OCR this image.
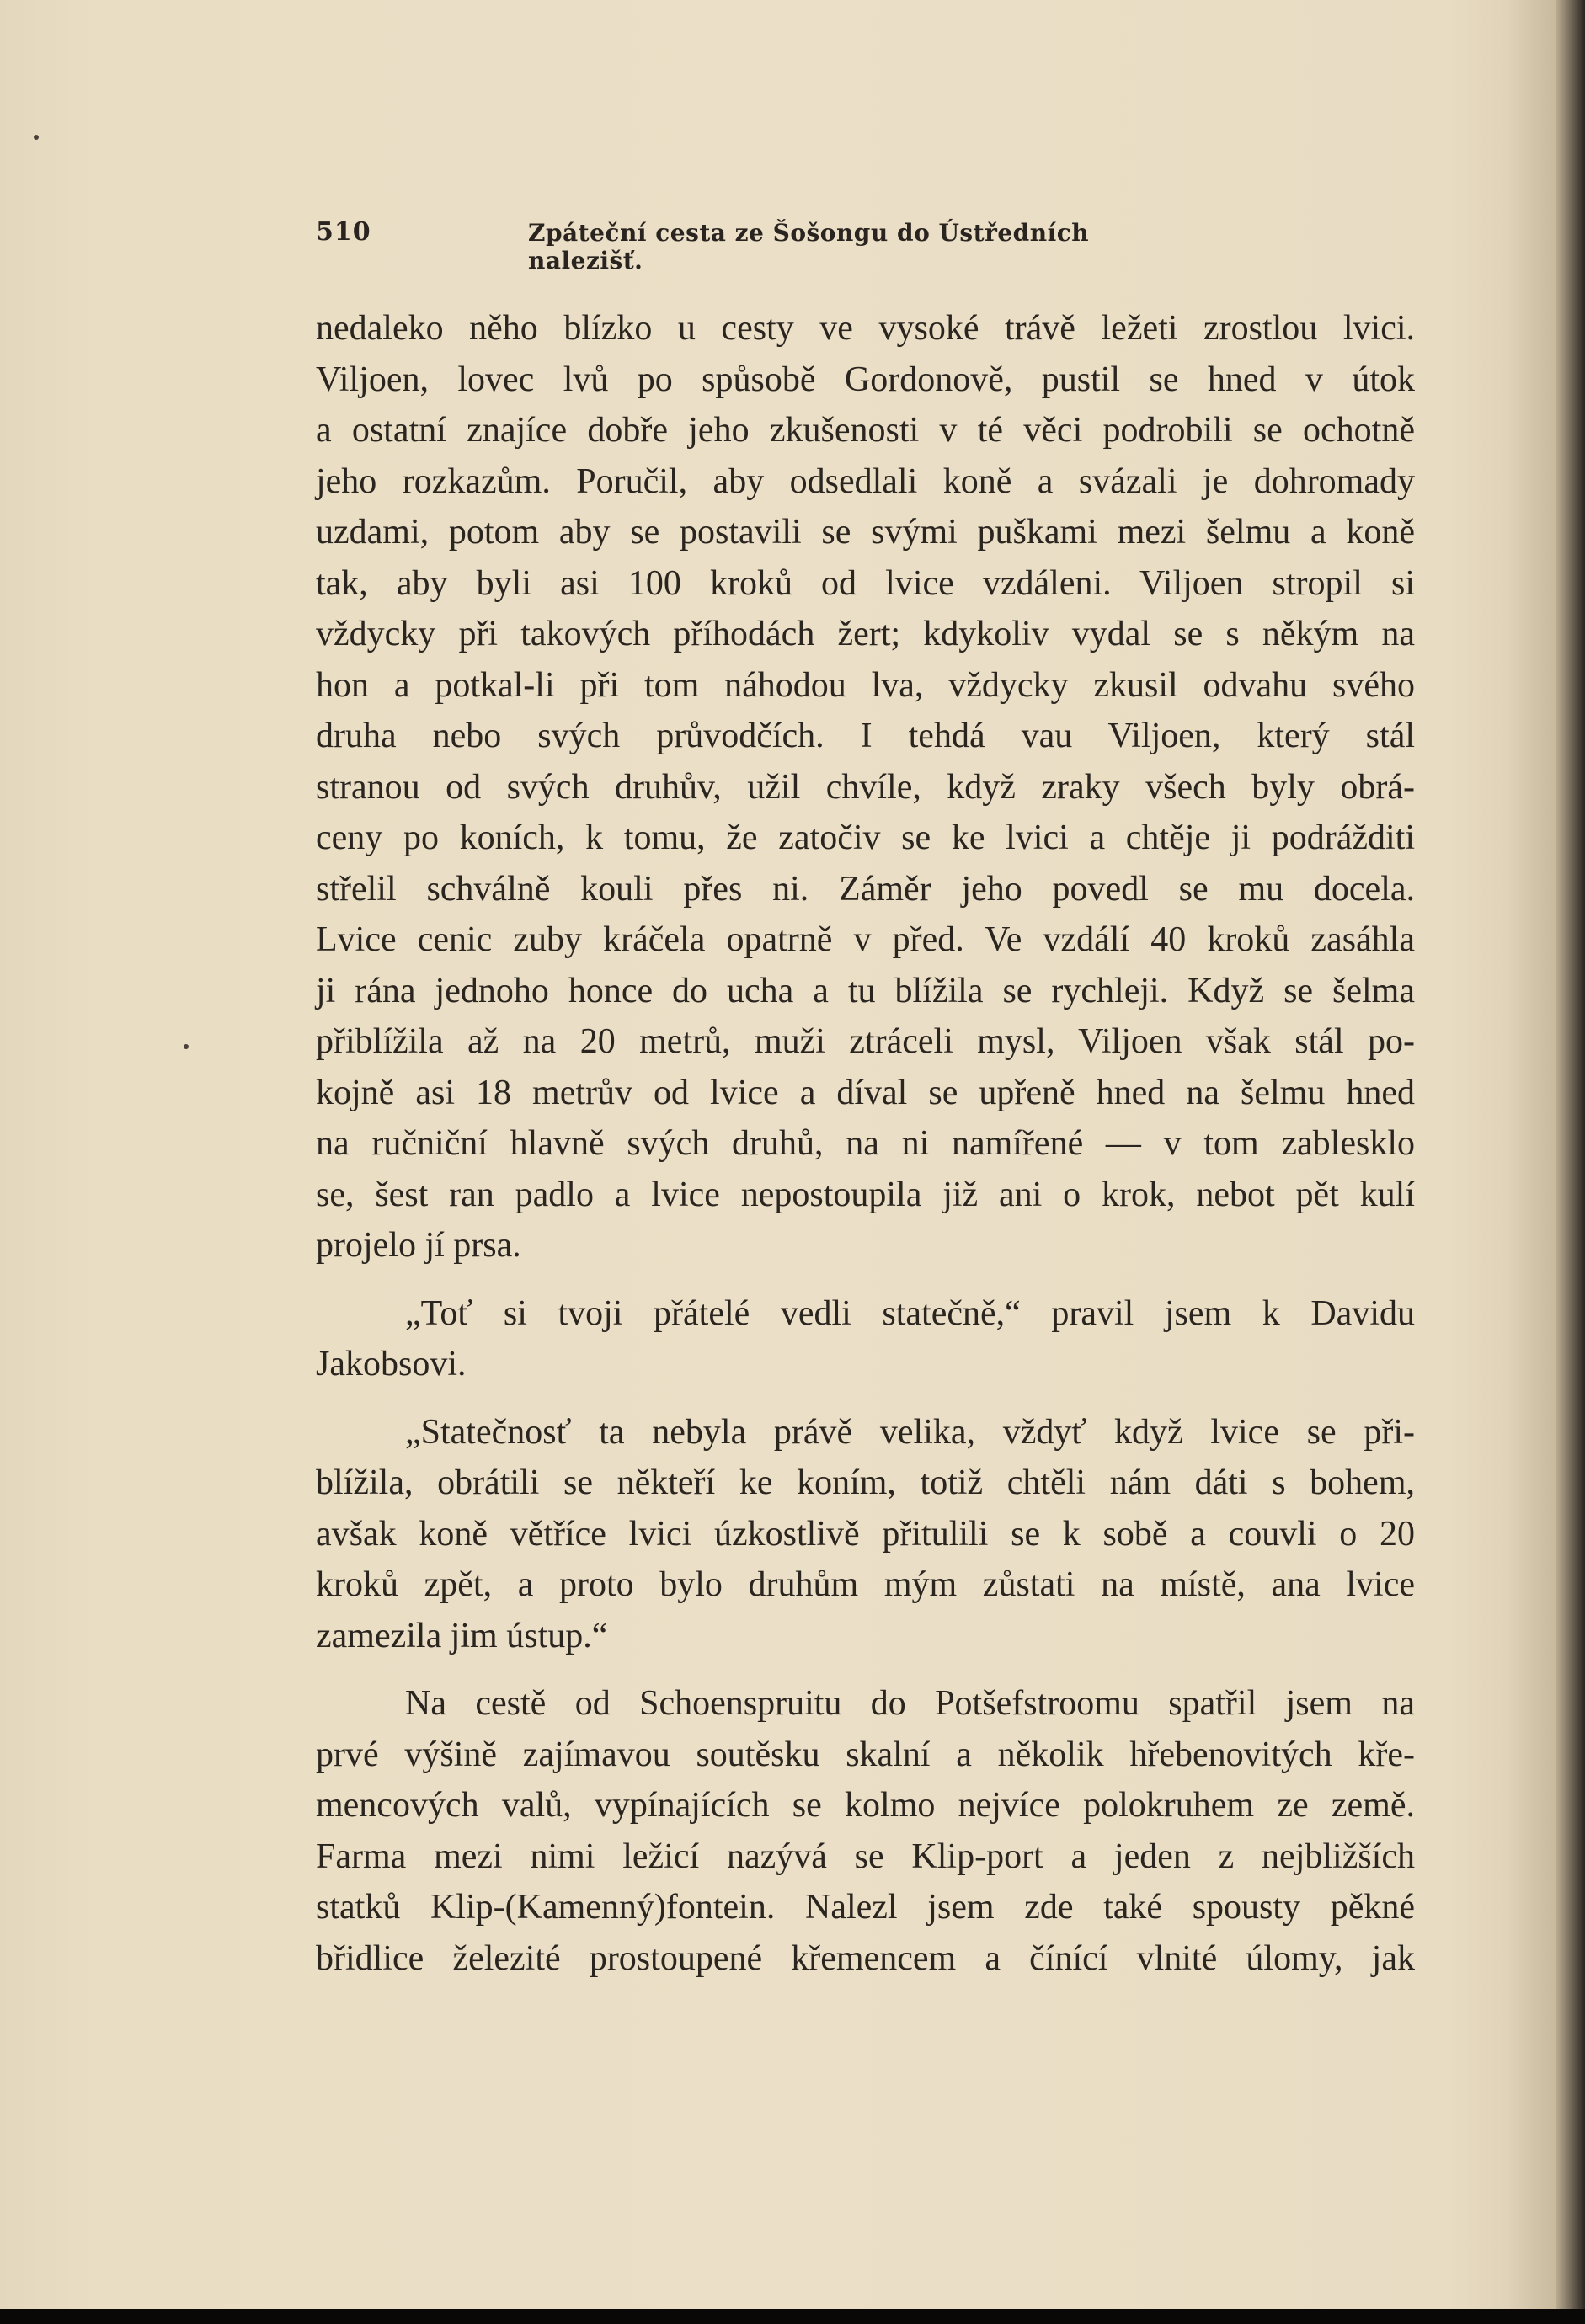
510	Zpáteční cesta ze Šošongu do Ústředních nalezišť.
nedaleko něho blízko u cesty ve vysoké trávě ležeti zrostlou lvici.
Viljoen, lovec lvů po spůsobě Gordonově, pustil se hned v útok
a ostatní znajíce dobře jeho zkušenosti v té věci podrobili se ochotně
jeho rozkazům. Poručil, aby odsedlali koně a svázali je dohromady
uzdami, potom aby se postavili se svými puškami mezi šelmu a koně
tak, aby byli asi 100 kroků od lvice vzdáleni. Viljoen stropil si
vždycky při takových příhodách žert; kdykoliv vydal se s někým na
hon a potkal-li při tom náhodou lva, vždycky zkusil odvahu svého
druha nebo svých průvodčích. I tehdá vau Viljoen, který stál
stranou od svých druhův, užil chvíle, když zraky všech byly obrá-
ceny po koních, k tomu, že zatočiv se ke lvici a chtěje ji podrážditi
střelil schválně kouli přes ni. Záměr jeho povedl se mu docela.
Lvice cenic zuby kráčela opatrně v před. Ve vzdálí 40 kroků zasáhla
ji rána jednoho honce do ucha a tu blížila se rychleji. Když se šelma
přiblížila až na 20 metrů, muži ztráceli mysl, Viljoen však stál po-
kojně asi 18 metrův od lvice a díval se upřeně hned na šelmu hned
na ručniční hlavně svých druhů, na ni namířené — v tom zablesklo
se, šest ran padlo a lvice nepostoupila již ani o krok, nebot pět kulí
projelo jí prsa.
„Toť si tvoji přátelé vedli statečně,“ pravil jsem k Davidu
Jakobsovi.
„Statečnosť ta nebyla právě velika, vždyť když lvice se při-
blížila, obrátili se někteří ke koním, totiž chtěli nám dáti s bohem,
avšak koně větříce lvici úzkostlivě přitulili se k sobě a couvli o 20
kroků zpět, a proto bylo druhům mým zůstati na místě, ana lvice
zamezila jim ústup.“
Na cestě od Schoenspruitu do Potšefstroomu spatřil jsem na
prvé výšině zajímavou soutěsku skalní a několik hřebenovitých kře-
mencových valů, vypínajících se kolmo nejvíce polokruhem ze země.
Farma mezi nimi ležicí nazývá se Klip-port a jeden z nejbližších
statků Klip-(Kamenný)fontein. Nalezl jsem zde také spousty pěkné
břidlice železité prostoupené křemencem a čínící vlnité úlomy, jak
